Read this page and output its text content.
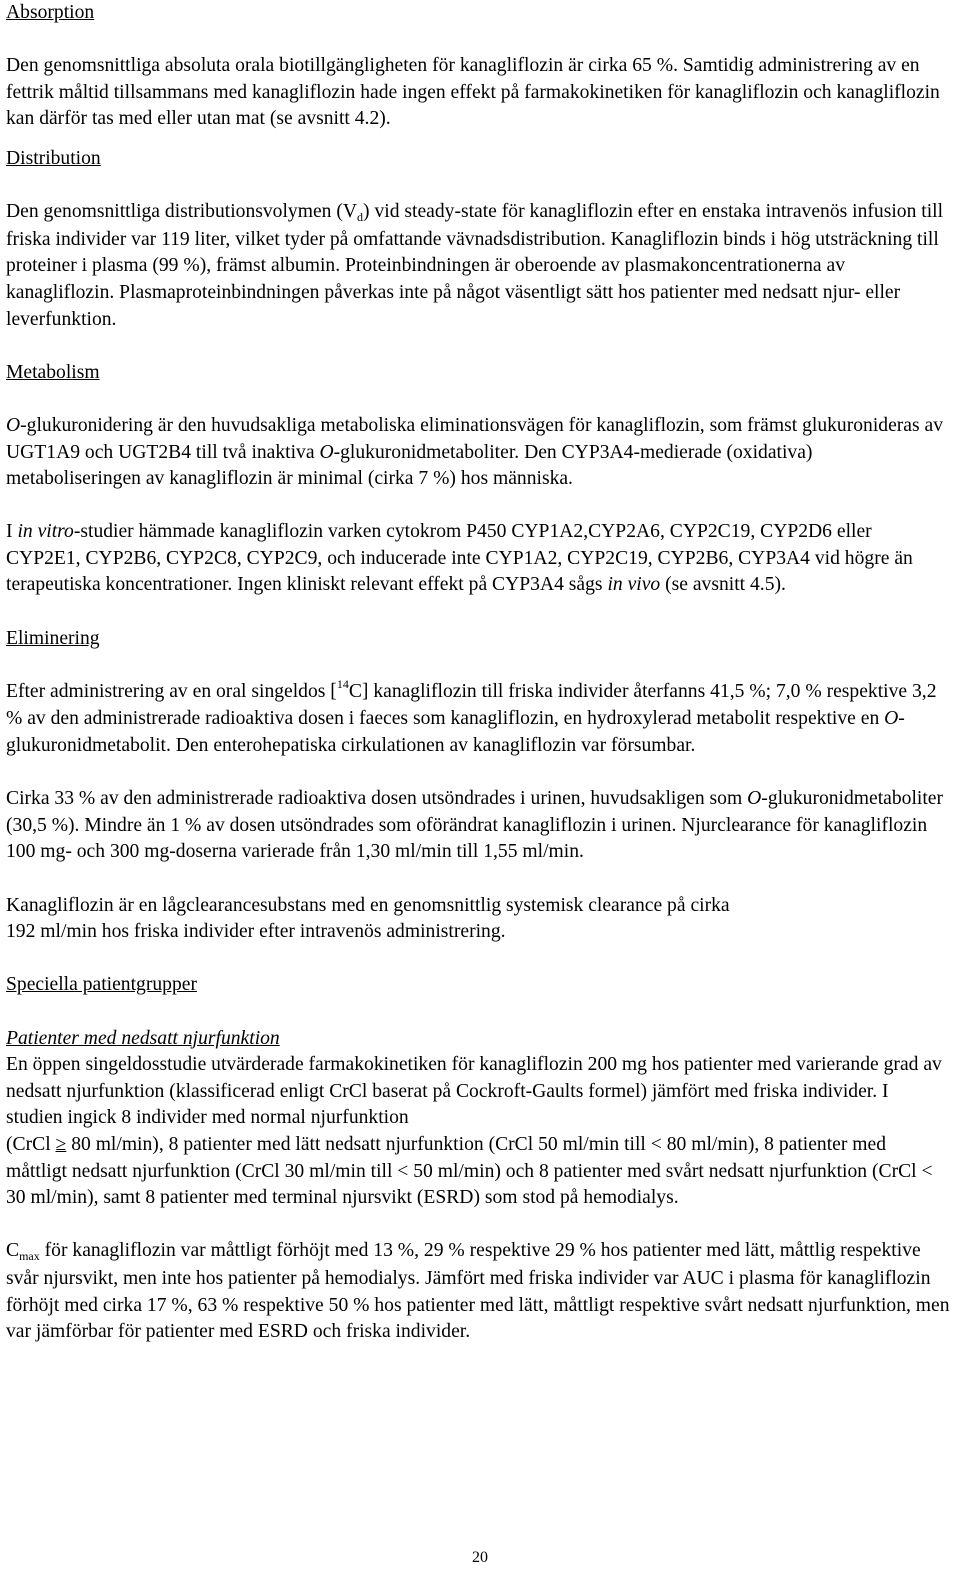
Absorption

Den genomsnittliga absoluta orala biotillgängligheten för kanagliflozin är cirka 65 %. Samtidig administrering av en fettrik måltid tillsammans med kanagliflozin hade ingen effekt på farmakokinetiken för kanagliflozin och kanagliflozin kan därför tas med eller utan mat (se avsnitt 4.2).

Distribution

Den genomsnittliga distributionsvolymen $(V_d)$ vid steady-state för kanagliflozin efter en enstaka intravenös infusion till friska individer var 119 liter, vilket tyder på omfattande vävnadsdistribution. Kanagliflozin binds i hög utsträckning till proteiner i plasma (99 %), främst albumin. Proteinbindningen är oberoende av plasmakoncentrationerna av kanagliflozin. Plasmaproteinbindningen påverkas inte på något väsentligt sätt hos patienter med nedsatt njur- eller leverfunktion.

Metabolism

O-glukuronidering är den huvudsakliga metaboliska eliminationsvägen för kanagliflozin, som främst glukuronideras av UGT1A9 och UGT2B4 till två inaktiva O-glukuronidmetaboliter. Den CYP3A4-medierade (oxidativa) metaboliseringen av kanagliflozin är minimal (cirka 7 %) hos människa.

I in vitro-studier hämmade kanagliflozin varken cytokrom P450 CYP1A2,CYP2A6, CYP2C19, CYP2D6 eller CYP2E1, CYP2B6, CYP2C8, CYP2C9, och inducerade inte CYP1A2, CYP2C19, CYP2B6, CYP3A4 vid högre än terapeutiska koncentrationer. Ingen kliniskt relevant effekt på CYP3A4 sågs in vivo (se avsnitt 4.5).

Eliminering

Efter administrering av en oral singeldos [$^{14}$C] kanagliflozin till friska individer återfanns 41,5 %; 7,0 % respektive 3,2 % av den administrerade radioaktiva dosen i faeces som kanagliflozin, en hydroxylerad metabolit respektive en O-glukuronidmetabolit. Den enterohepatiska cirkulationen av kanagliflozin var försumbar.

Cirka 33 % av den administrerade radioaktiva dosen utsöndrades i urinen, huvudsakligen som O-glukuronidmetaboliter (30,5 %). Mindre än 1 % av dosen utsöndrades som oförändrat kanagliflozin i urinen. Njurclearance för kanagliflozin 100 mg- och 300 mg-doserna varierade från 1,30 ml/min till 1,55 ml/min.

Kanagliflozin är en lågclearancesubstans med en genomsnittlig systemisk clearance på cirka
192 ml/min hos friska individer efter intravenös administrering.

Speciella patientgrupper

Patienter med nedsatt njurfunktion

En öppen singeldosstudie utvärderade farmakokinetiken för kanagliflozin 200 mg hos patienter med varierande grad av nedsatt njurfunktion (klassificerad enligt CrCl baserat på Cockroft-Gaults formel) jämfört med friska individer. I studien ingick 8 individer med normal njurfunktion
(CrCl ≥ 80 ml/min), 8 patienter med lätt nedsatt njurfunktion (CrCl 50 ml/min till < 80 ml/min), 8 patienter med måttligt nedsatt njurfunktion (CrCl 30 ml/min till < 50 ml/min) och 8 patienter med svårt nedsatt njurfunktion (CrCl < 30 ml/min), samt 8 patienter med terminal njursvikt (ESRD) som stod på hemodialys.

$C_{max}$ för kanagliflozin var måttligt förhöjt med 13 %, 29 % respektive 29 % hos patienter med lätt, måttlig respektive svår njursvikt, men inte hos patienter på hemodialys. Jämfört med friska individer var AUC i plasma för kanagliflozin förhöjt med cirka 17 %, 63 % respektive 50 % hos patienter med lätt, måttligt respektive svårt nedsatt njurfunktion, men var jämförbar för patienter med ESRD och friska individer.

20
